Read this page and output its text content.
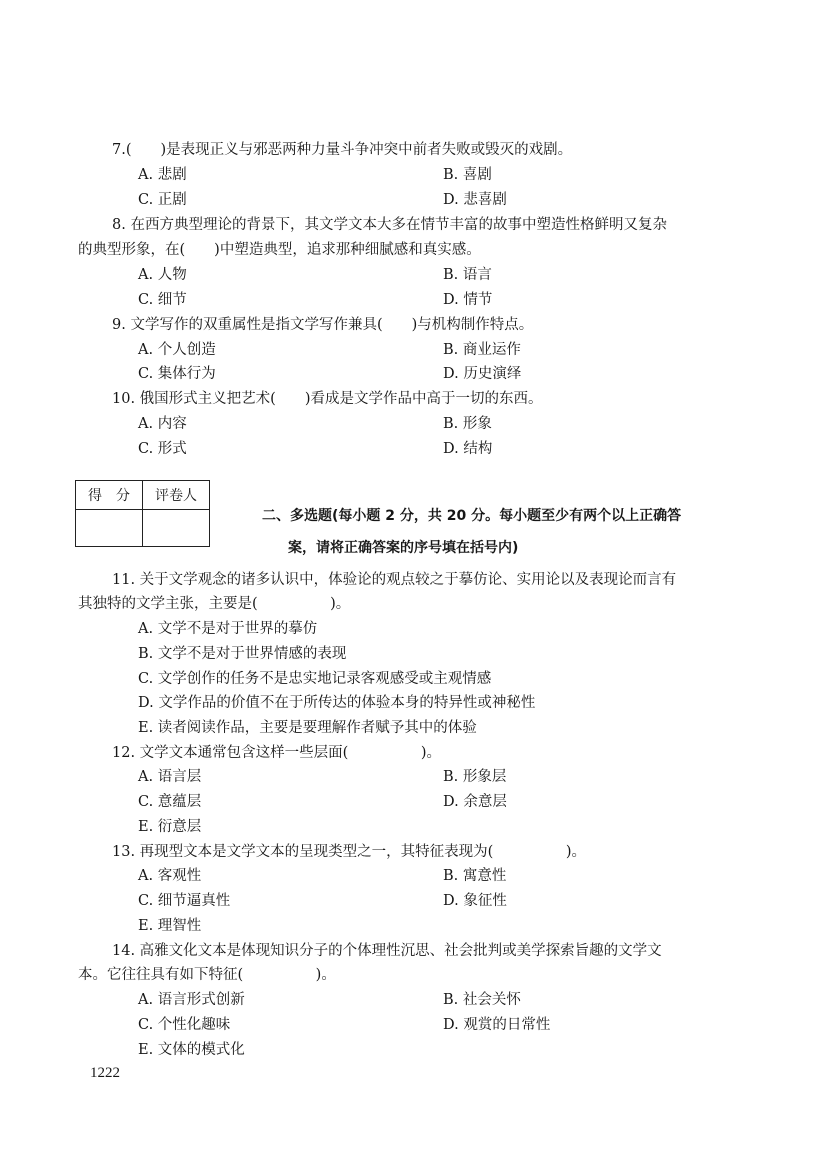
7.(　　)是表现正义与邪恶两种力量斗争冲突中前者失败或毁灭的戏剧。
A. 悲剧	B. 喜剧
C. 正剧	D. 悲喜剧
8. 在西方典型理论的背景下，其文学文本大多在情节丰富的故事中塑造性格鲜明又复杂
的典型形象，在(　　)中塑造典型，追求那种细腻感和真实感。
A. 人物	B. 语言
C. 细节	D. 情节
9. 文学写作的双重属性是指文学写作兼具(　　)与机构制作特点。
A. 个人创造	B. 商业运作
C. 集体行为	D. 历史演绎
10. 俄国形式主义把艺术(　　)看成是文学作品中高于一切的东西。
A. 内容	B. 形象
C. 形式	D. 结构
得　分	评卷人

二、多选题(每小题 2 分，共 20 分。每小题至少有两个以上正确答
案，请将正确答案的序号填在括号内)
11. 关于文学观念的诸多认识中，体验论的观点较之于摹仿论、实用论以及表现论而言有
其独特的文学主张，主要是(　　　　　)。
A. 文学不是对于世界的摹仿
B. 文学不是对于世界情感的表现
C. 文学创作的任务不是忠实地记录客观感受或主观情感
D. 文学作品的价值不在于所传达的体验本身的特异性或神秘性
E. 读者阅读作品，主要是要理解作者赋予其中的体验
12. 文学文本通常包含这样一些层面(　　　　　)。
A. 语言层	B. 形象层
C. 意蕴层	D. 余意层
E. 衍意层
13. 再现型文本是文学文本的呈现类型之一，其特征表现为(　　　　　)。
A. 客观性	B. 寓意性
C. 细节逼真性	D. 象征性
E. 理智性
14. 高雅文化文本是体现知识分子的个体理性沉思、社会批判或美学探索旨趣的文学文
本。它往往具有如下特征(　　　　　)。
A. 语言形式创新	B. 社会关怀
C. 个性化趣味	D. 观赏的日常性
E. 文体的模式化
1222
